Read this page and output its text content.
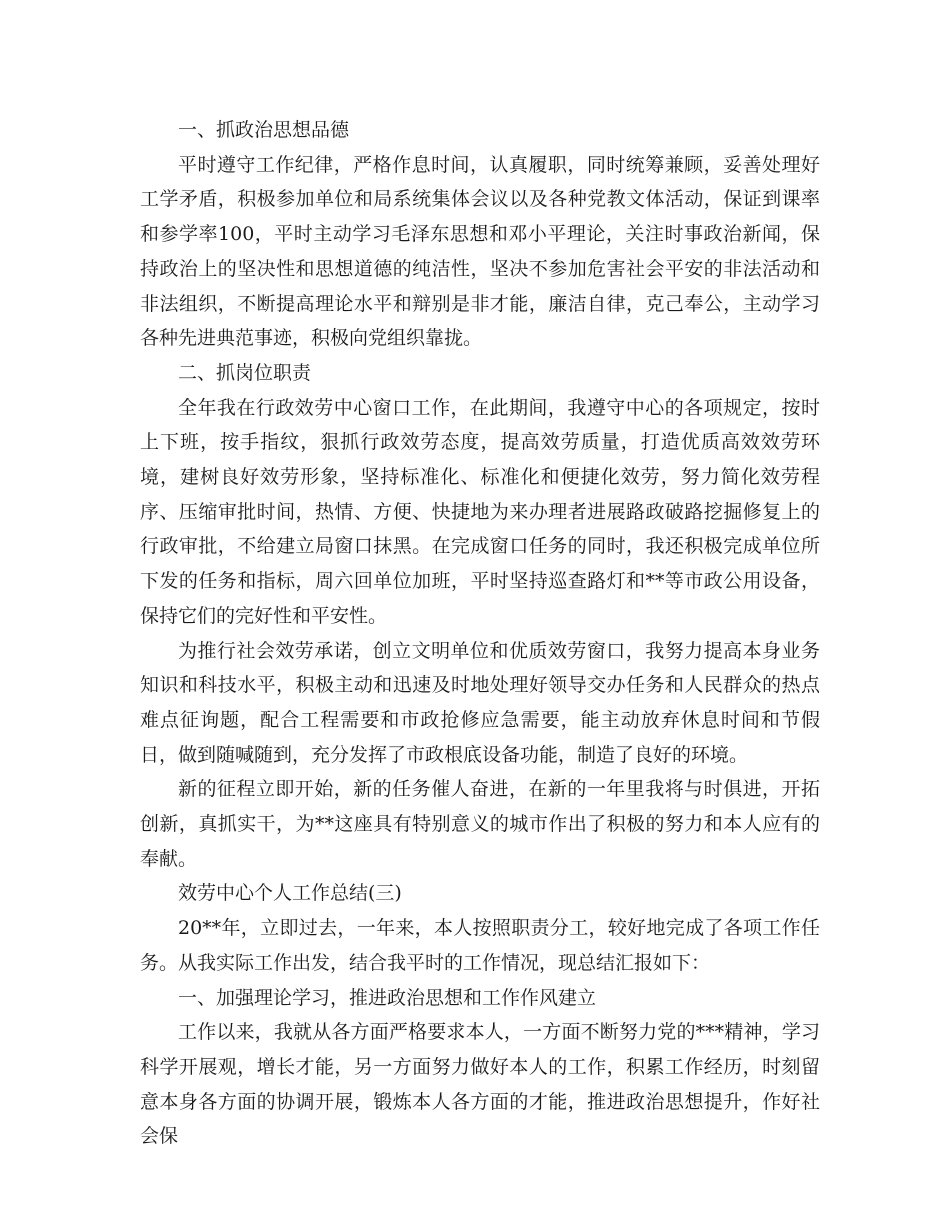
一、抓政治思想品德

平时遵守工作纪律，严格作息时间，认真履职，同时统筹兼顾，妥善处理好工学矛盾，积极参加单位和局系统集体会议以及各种党教文体活动，保证到课率和参学率100，平时主动学习毛泽东思想和邓小平理论，关注时事政治新闻，保持政治上的坚决性和思想道德的纯洁性，坚决不参加危害社会平安的非法活动和非法组织，不断提高理论水平和辩别是非才能，廉洁自律，克己奉公，主动学习各种先进典范事迹，积极向党组织靠拢。

二、抓岗位职责

全年我在行政效劳中心窗口工作，在此期间，我遵守中心的各项规定，按时上下班，按手指纹，狠抓行政效劳态度，提高效劳质量，打造优质高效效劳环境，建树良好效劳形象，坚持标准化、标准化和便捷化效劳，努力简化效劳程序、压缩审批时间，热情、方便、快捷地为来办理者进展路政破路挖掘修复上的行政审批，不给建立局窗口抹黑。在完成窗口任务的同时，我还积极完成单位所下发的任务和指标，周六回单位加班，平时坚持巡查路灯和**等市政公用设备，保持它们的完好性和平安性。

为推行社会效劳承诺，创立文明单位和优质效劳窗口，我努力提高本身业务知识和科技水平，积极主动和迅速及时地处理好领导交办任务和人民群众的热点难点征询题，配合工程需要和市政抢修应急需要，能主动放弃休息时间和节假日，做到随喊随到，充分发挥了市政根底设备功能，制造了良好的环境。

新的征程立即开始，新的任务催人奋进，在新的一年里我将与时俱进，开拓创新，真抓实干，为**这座具有特别意义的城市作出了积极的努力和本人应有的奉献。

效劳中心个人工作总结(三)

20**年，立即过去，一年来，本人按照职责分工，较好地完成了各项工作任务。从我实际工作出发，结合我平时的工作情况，现总结汇报如下：

一、加强理论学习，推进政治思想和工作作风建立

工作以来，我就从各方面严格要求本人，一方面不断努力党的***精神，学习科学开展观，增长才能，另一方面努力做好本人的工作，积累工作经历，时刻留意本身各方面的协调开展，锻炼本人各方面的才能，推进政治思想提升，作好社会保
